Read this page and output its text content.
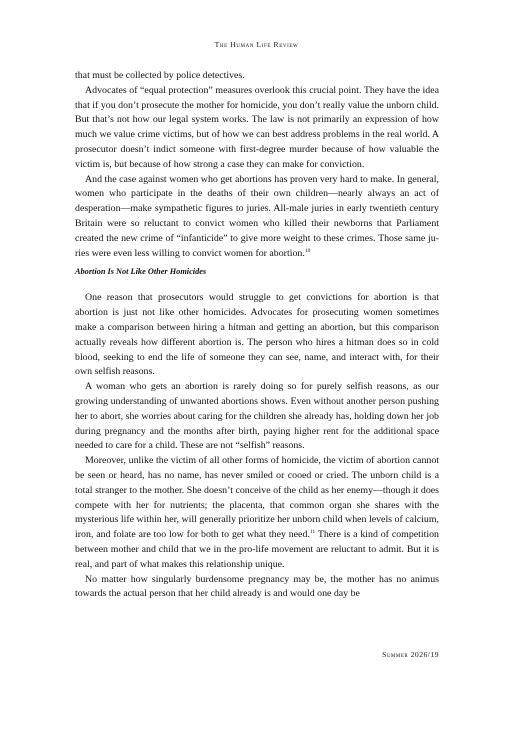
The Human Life Review

that must be collected by police detectives.

Advocates of “equal protection” measures overlook this crucial point. They have the idea that if you don’t prosecute the mother for homicide, you don’t really value the unborn child. But that’s not how our legal system works. The law is not primarily an expression of how much we value crime victims, but of how we can best address problems in the real world. A prosecutor doesn’t indict someone with first-degree murder because of how valuable the victim is, but because of how strong a case they can make for conviction.

And the case against women who get abortions has proven very hard to make. In general, women who participate in the deaths of their own children—nearly always an act of desperation—make sympathetic figures to juries. All-male juries in early twentieth century Britain were so reluctant to convict women who killed their newborns that Parliament created the new crime of “infanticide” to give more weight to these crimes. Those same juries were even less willing to convict women for abortion.$^{10}$

Abortion Is Not Like Other Homicides

One reason that prosecutors would struggle to get convictions for abortion is that abortion is just not like other homicides. Advocates for prosecuting women sometimes make a comparison between hiring a hitman and getting an abortion, but this comparison actually reveals how different abortion is. The person who hires a hitman does so in cold blood, seeking to end the life of someone they can see, name, and interact with, for their own selfish reasons.

A woman who gets an abortion is rarely doing so for purely selfish reasons, as our growing understanding of unwanted abortions shows. Even without another person pushing her to abort, she worries about caring for the children she already has, holding down her job during pregnancy and the months after birth, paying higher rent for the additional space needed to care for a child. These are not “selfish” reasons.

Moreover, unlike the victim of all other forms of homicide, the victim of abortion cannot be seen or heard, has no name, has never smiled or cooed or cried. The unborn child is a total stranger to the mother. She doesn’t conceive of the child as her enemy—though it does compete with her for nutrients; the placenta, that common organ she shares with the mysterious life within her, will generally prioritize her unborn child when levels of calcium, iron, and folate are too low for both to get what they need.$^{11}$ There is a kind of competition between mother and child that we in the pro-life movement are reluctant to admit. But it is real, and part of what makes this relationship unique.

No matter how singularly burdensome pregnancy may be, the mother has no animus towards the actual person that her child already is and would one day be

Summer 2026/19
